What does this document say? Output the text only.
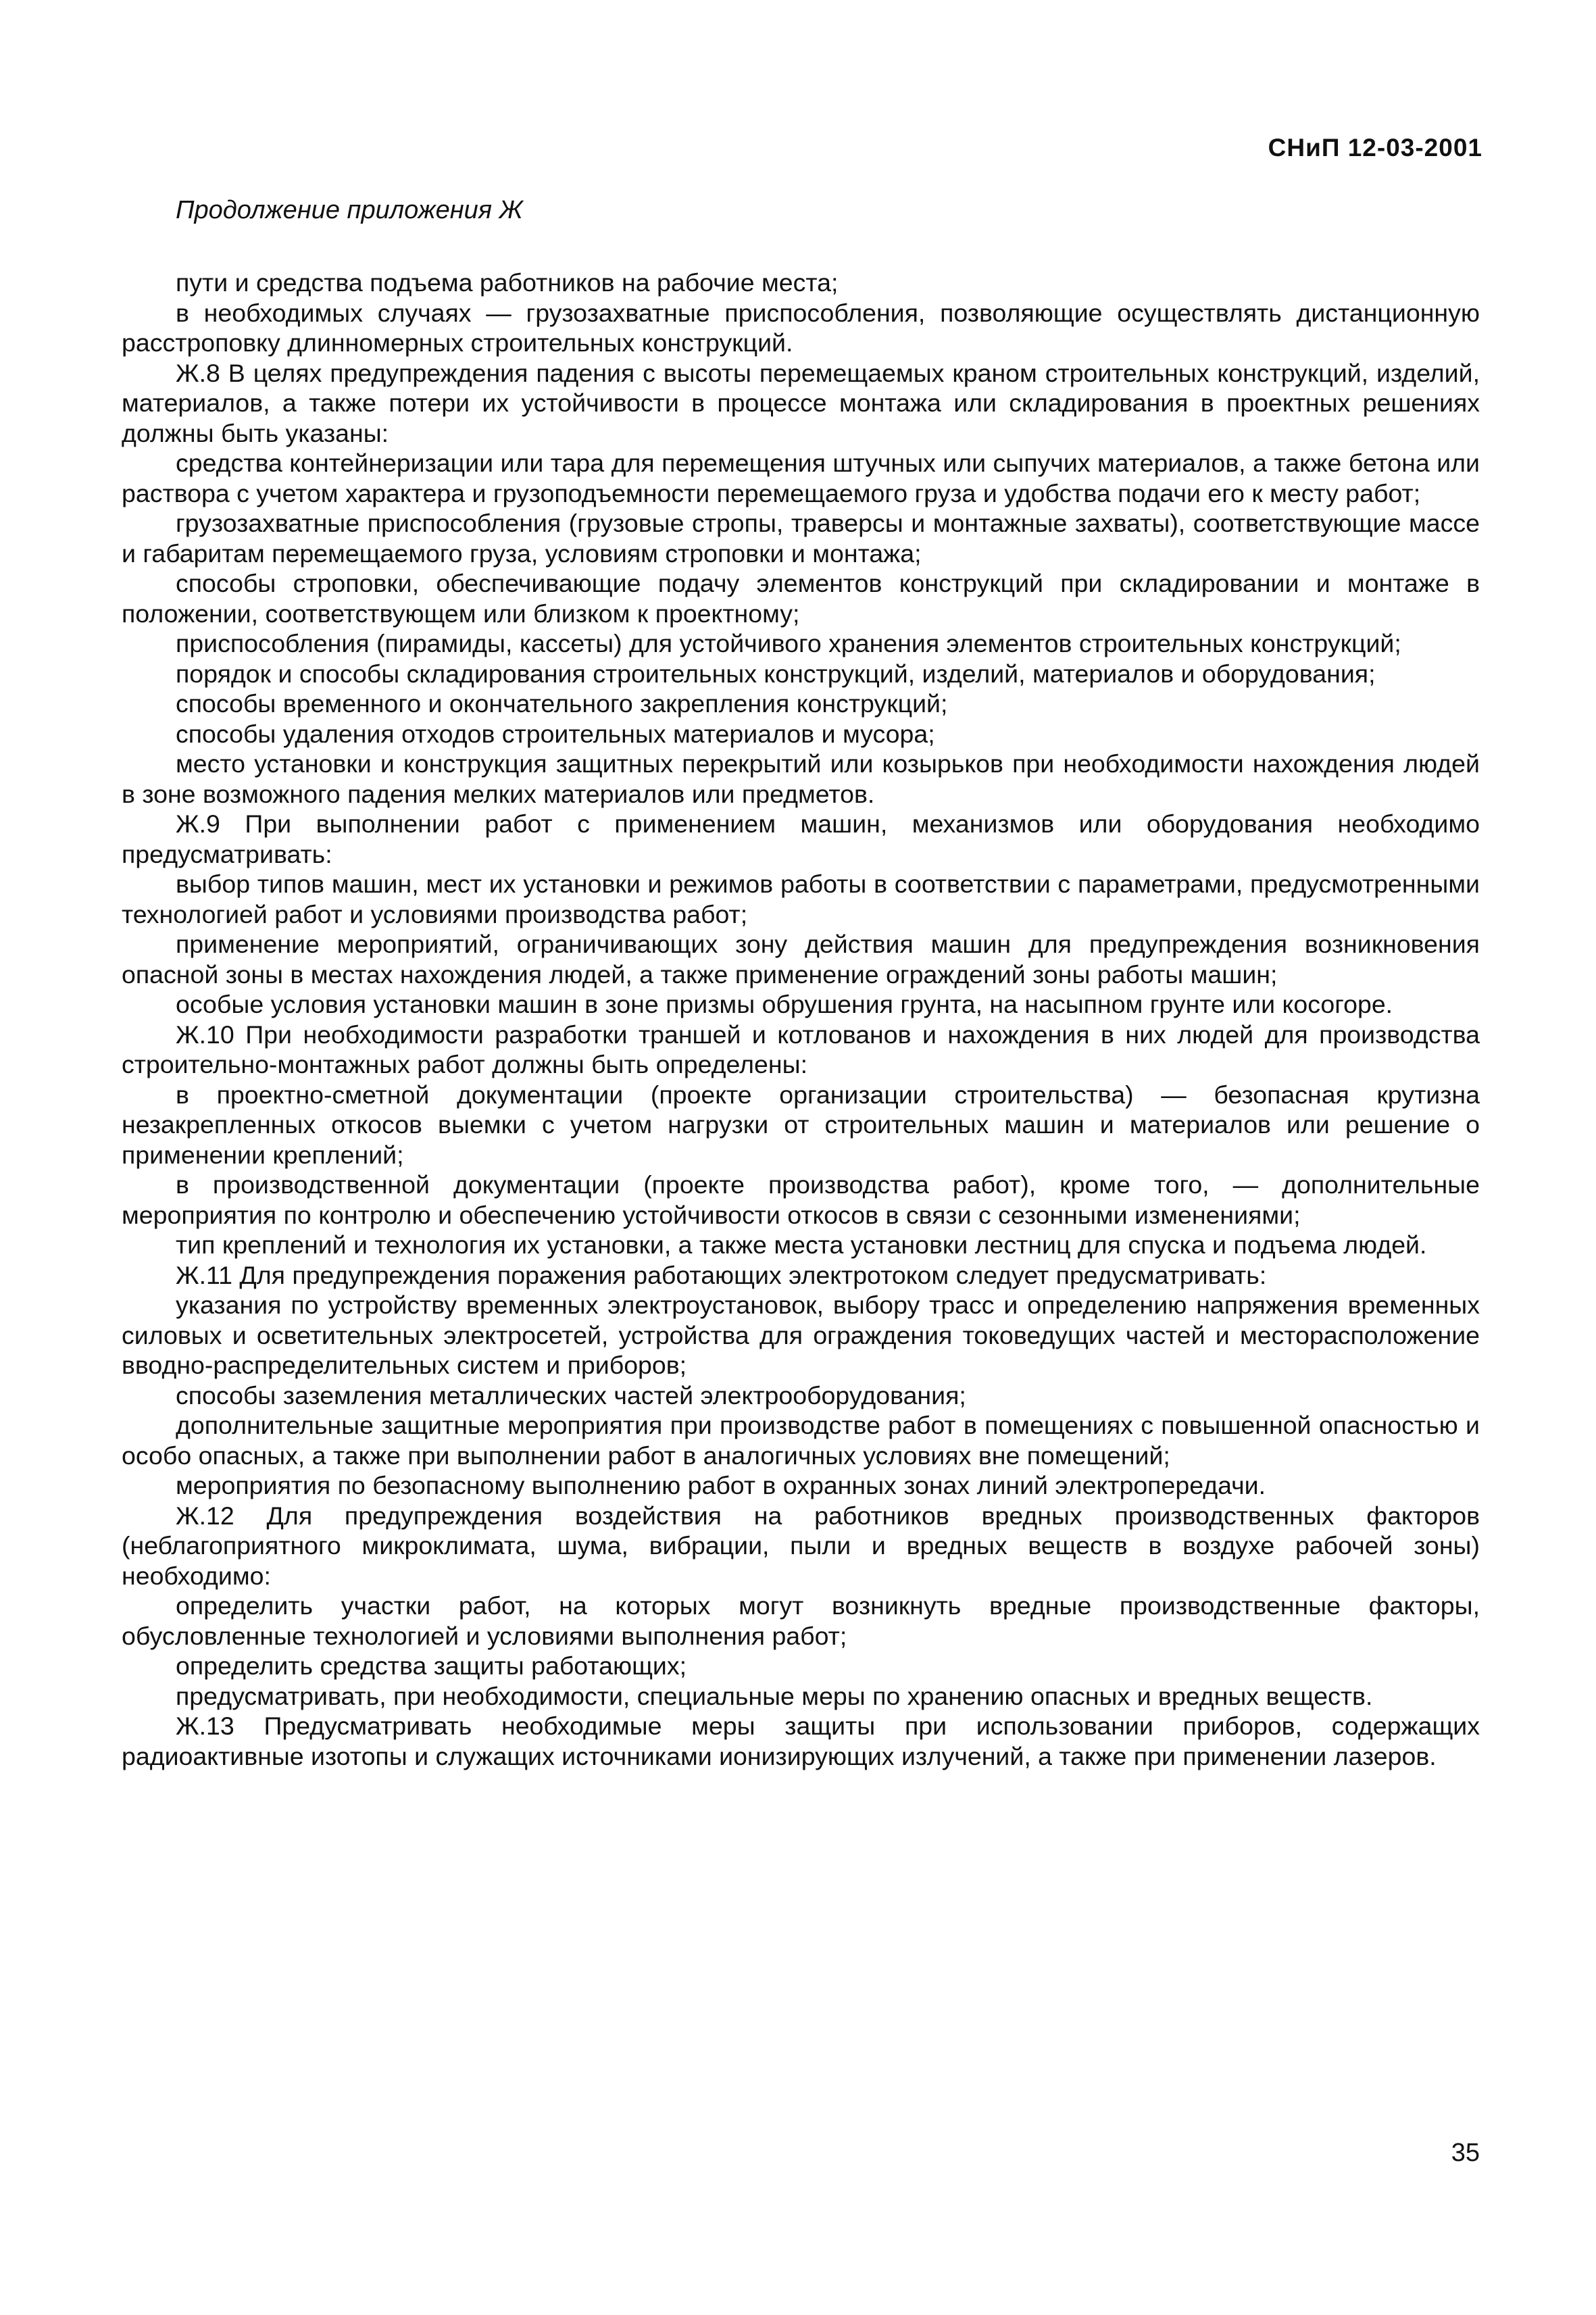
СНиП 12-03-2001
Продолжение приложения Ж

пути и средства подъема работников на рабочие места;

в необходимых случаях — грузозахватные приспособления, позволяющие осуществлять дистанционную расстроповку длинномерных строительных конструкций.

Ж.8 В целях предупреждения падения с высоты перемещаемых краном строительных конструкций, изделий, материалов, а также потери их устойчивости в процессе монтажа или складирования в проектных решениях должны быть указаны:

средства контейнеризации или тара для перемещения штучных или сыпучих материалов, а также бетона или раствора с учетом характера и грузоподъемности перемещаемого груза и удобства подачи его к месту работ;

грузозахватные приспособления (грузовые стропы, траверсы и монтажные захваты), соответствующие массе и габаритам перемещаемого груза, условиям строповки и монтажа;

способы строповки, обеспечивающие подачу элементов конструкций при складировании и монтаже в положении, соответствующем или близком к проектному;

приспособления (пирамиды, кассеты) для устойчивого хранения элементов строительных конструкций;

порядок и способы складирования строительных конструкций, изделий, материалов и оборудования;

способы временного и окончательного закрепления конструкций;

способы удаления отходов строительных материалов и мусора;

место установки и конструкция защитных перекрытий или козырьков при необходимости нахождения людей в зоне возможного падения мелких материалов или предметов.

Ж.9 При выполнении работ с применением машин, механизмов или оборудования необходимо предусматривать:

выбор типов машин, мест их установки и режимов работы в соответствии с параметрами, предусмотренными технологией работ и условиями производства работ;

применение мероприятий, ограничивающих зону действия машин для предупреждения возникновения опасной зоны в местах нахождения людей, а также применение ограждений зоны работы машин;

особые условия установки машин в зоне призмы обрушения грунта, на насыпном грунте или косогоре.

Ж.10 При необходимости разработки траншей и котлованов и нахождения в них людей для производства строительно-монтажных работ должны быть определены:

в проектно-сметной документации (проекте организации строительства) — безопасная крутизна незакрепленных откосов выемки с учетом нагрузки от строительных машин и материалов или решение о применении креплений;

в производственной документации (проекте производства работ), кроме того, — дополнительные мероприятия по контролю и обеспечению устойчивости откосов в связи с сезонными изменениями;

тип креплений и технология их установки, а также места установки лестниц для спуска и подъема людей.

Ж.11 Для предупреждения поражения работающих электротоком следует предусматривать:

указания по устройству временных электроустановок, выбору трасс и определению напряжения временных силовых и осветительных электросетей, устройства для ограждения токоведущих частей и месторасположение вводно-распределительных систем и приборов;

способы заземления металлических частей электрооборудования;

дополнительные защитные мероприятия при производстве работ в помещениях с повышенной опасностью и особо опасных, а также при выполнении работ в аналогичных условиях вне помещений;

мероприятия по безопасному выполнению работ в охранных зонах линий электропередачи.

Ж.12 Для предупреждения воздействия на работников вредных производственных факторов (неблагоприятного микроклимата, шума, вибрации, пыли и вредных веществ в воздухе рабочей зоны) необходимо:

определить участки работ, на которых могут возникнуть вредные производственные факторы, обусловленные технологией и условиями выполнения работ;

определить средства защиты работающих;

предусматривать, при необходимости, специальные меры по хранению опасных и вредных веществ.

Ж.13 Предусматривать необходимые меры защиты при использовании приборов, содержащих радиоактивные изотопы и служащих источниками ионизирующих излучений, а также при применении лазеров.

35
